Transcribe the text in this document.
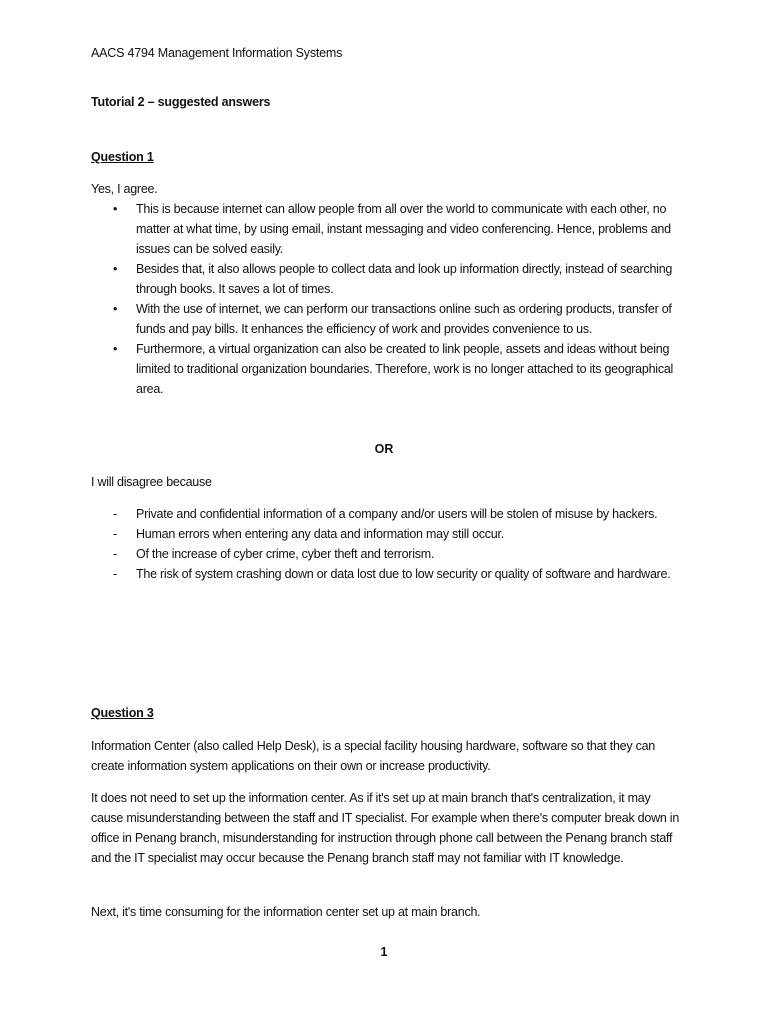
AACS 4794 Management Information Systems
Tutorial 2 – suggested answers
Question 1
Yes, I agree.
•	This is because internet can allow people from all over the world to communicate with each other, no matter at what time, by using email, instant messaging and video conferencing. Hence, problems and issues can be solved easily.
•	Besides that, it also allows people to collect data and look up information directly, instead of searching through books. It saves a lot of times.
•	With the use of internet, we can perform our transactions online such as ordering products, transfer of funds and pay bills. It enhances the efficiency of work and provides convenience to us.
•	Furthermore, a virtual organization can also be created to link people, assets and ideas without being limited to traditional organization boundaries. Therefore, work is no longer attached to its geographical area.
OR
I will disagree because
-	Private and confidential information of a company and/or users will be stolen of misuse by hackers.
-	Human errors when entering any data and information may still occur.
-	Of the increase of cyber crime, cyber theft and terrorism.
-	The risk of system crashing down or data lost due to low security or quality of software and hardware.
Question 3
Information Center (also called Help Desk), is a special facility housing hardware, software so that they can create information system applications on their own or increase productivity.
It does not need to set up the information center. As if it's set up at main branch that's centralization, it may cause misunderstanding between the staff and IT specialist. For example when there's computer break down in office in Penang branch, misunderstanding for instruction through phone call between the Penang branch staff and the IT specialist may occur because the Penang branch staff may not familiar with IT knowledge.
Next, it's time consuming for the information center set up at main branch.
1
